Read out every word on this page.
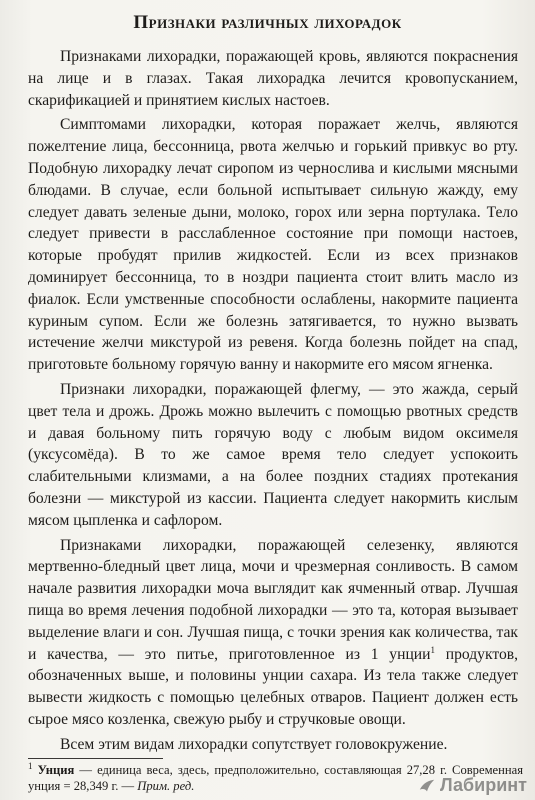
Признаки различных лихорадок

Признаками лихорадки, поражающей кровь, являются покраснения на лице и в глазах. Такая лихорадка лечится кровопусканием, скарификацией и принятием кислых настоев.

Симптомами лихорадки, которая поражает желчь, являются пожелтение лица, бессонница, рвота желчью и горький привкус во рту. Подобную лихорадку лечат сиропом из чернослива и кислыми мясными блюдами. В случае, если больной испытывает сильную жажду, ему следует давать зеленые дыни, молоко, горох или зерна портулака. Тело следует привести в расслабленное состояние при помощи настоев, которые пробудят прилив жидкостей. Если из всех признаков доминирует бессонница, то в ноздри пациента стоит влить масло из фиалок. Если умственные способности ослаблены, накормите пациента куриным супом. Если же болезнь затягивается, то нужно вызвать истечение желчи микстурой из ревеня. Когда болезнь пойдет на спад, приготовьте больному горячую ванну и накормите его мясом ягненка.

Признаки лихорадки, поражающей флегму, — это жажда, серый цвет тела и дрожь. Дрожь можно вылечить с помощью рвотных средств и давая больному пить горячую воду с любым видом оксимеля (уксусомёда). В то же самое время тело следует успокоить слабительными клизмами, а на более поздних стадиях протекания болезни — микстурой из кассии. Пациента следует накормить кислым мясом цыпленка и сафлором.

Признаками лихорадки, поражающей селезенку, являются мертвенно-бледный цвет лица, мочи и чрезмерная сонливость. В самом начале развития лихорадки моча выглядит как ячменный отвар. Лучшая пища во время лечения подобной лихорадки — это та, которая вызывает выделение влаги и сон. Лучшая пища, с точки зрения как количества, так и качества, — это питье, приготовленное из 1 унции$^1$ продуктов, обозначенных выше, и половины унции сахара. Из тела также следует вывести жидкость с помощью целебных отваров. Пациент должен есть сырое мясо козленка, свежую рыбу и стручковые овощи.

Всем этим видам лихорадки сопутствует головокружение.

$^1$ Унция — единица веса, здесь, предположительно, составляющая 27,28 г. Современная унция = 28,349 г. — Прим. ред.	Лабиринт
